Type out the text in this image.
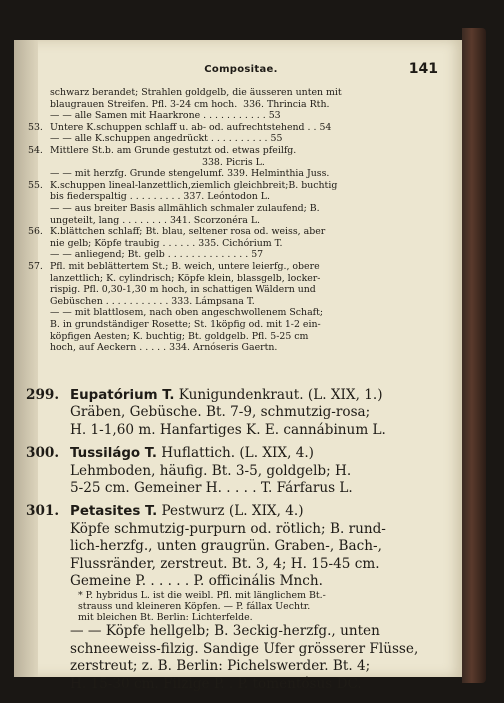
Compositae.	141
schwarz berandet; Strahlen goldgelb, die äusseren unten mit
blaugrauen Streifen. Pfl. 3-24 cm hoch.  336. Thrincia Rth.
— — alle Samen mit Haarkrone . . . . . . . . . . . 53
53. Untere K.schuppen schlaff u. ab- od. aufrechtstehend . . 54
— — alle K.schuppen angedrückt . . . . . . . . . . 55
54. Mittlere St.b. am Grunde gestutzt od. etwas pfeilfg.
338. Picris L.
— — mit herzfg. Grunde stengelumf. 339. Helminthia Juss.
55. K.schuppen lineal-lanzettlich,ziemlich gleichbreit;B. buchtig
bis fiederspaltig . . . . . . . . . 337. Leóntodon L.
— — aus breiter Basis allmählich schmaler zulaufend; B.
ungeteilt, lang . . . . . . . . 341. Scorzonéra L.
56. K.blättchen schlaff; Bt. blau, seltener rosa od. weiss, aber
nie gelb; Köpfe traubig . . . . . . 335. Cichórium T.
— — anliegend; Bt. gelb . . . . . . . . . . . . . . 57
57. Pfl. mit beblättertem St.; B. weich, untere leierfg., obere
lanzettlich; K. cylindrisch; Köpfe klein, blassgelb, locker-
rispig. Pfl. 0,30-1,30 m hoch, in schattigen Wäldern und
Gebüschen . . . . . . . . . . . 333. Lámpsana T.
— — mit blattlosem, nach oben angeschwollenem Schaft;
B. in grundständiger Rosette; St. 1köpfig od. mit 1-2 ein-
köpfigen Aesten; K. buchtig; Bt. goldgelb. Pfl. 5-25 cm
hoch, auf Aeckern . . . . . 334. Arnóseris Gaertn.
299. Eupatórium T. Kunigundenkraut. (L. XIX, 1.)
Gräben, Gebüsche. Bt. 7-9, schmutzig-rosa;
H. 1-1,60 m. Hanfartiges K. E. cannábinum L.
300. Tussilágo T. Huflattich. (L. XIX, 4.)
Lehmboden, häufig. Bt. 3-5, goldgelb; H.
5-25 cm. Gemeiner H. . . . . T. Fárfarus L.
301. Petasites T. Pestwurz (L. XIX, 4.)
Köpfe schmutzig-purpurn od. rötlich; B. rund-
lich-herzfg., unten graugrün. Graben-, Bach-,
Flussränder, zerstreut. Bt. 3, 4; H. 15-45 cm.
Gemeine P. . . . . . P. officinális Mnch.
* P. hybridus L. ist die weibl. Pfl. mit länglichem Bt.-
strauss und kleineren Köpfen. — P. fállax Uechtr.
mit bleichen Bt. Berlin: Lichterfelde.
— — Köpfe hellgelb; B. 3eckig-herzfg., unten
schneeweiss-filzig. Sandige Ufer grösserer Flüsse,
zerstreut; z. B. Berlin: Pichelswerder. Bt. 4;
H. 15-30 cm. Filzige P. . P. tomentósus DC.
